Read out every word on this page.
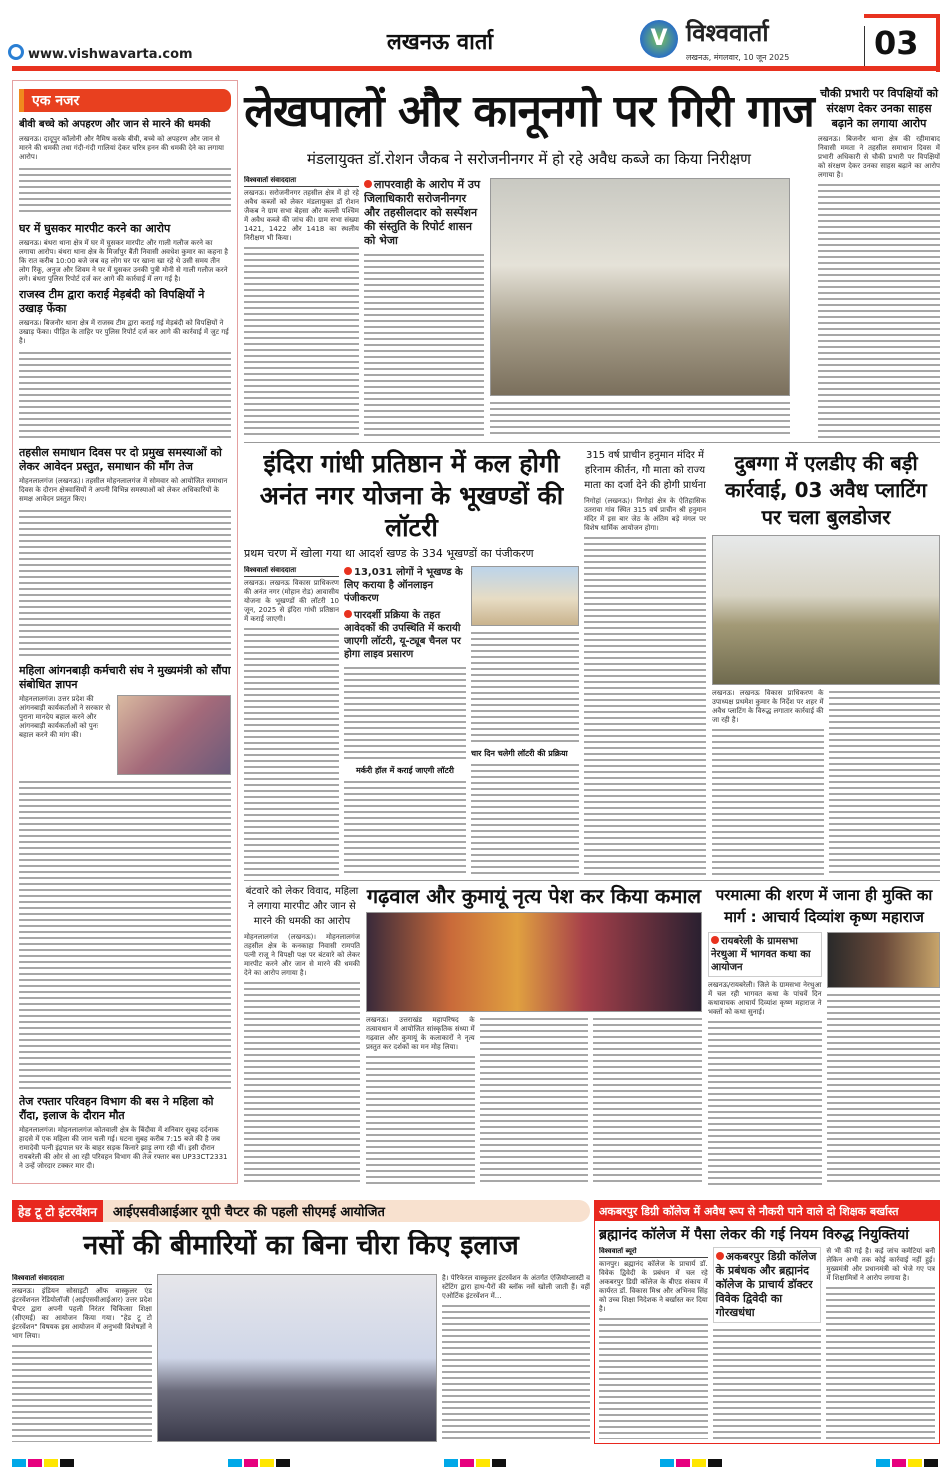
www.vishwavarta.com	लखनऊ वार्ता	V विश्ववार्ता
लखनऊ, मंगलवार, 10 जून 2025	03
एक नजर
बीवी बच्चे को अपहरण और जान से मारने की धमकी
लखनऊ। दादूपुर कॉलोनी और नैमिष कस्के बीवी, बच्चे को अपहरण और जान से मारने की धमकी तथा गंदी-गंदी गालियां देकर चरित्र हनन की धमकी देने का लगाया आरोप।
घर में घुसकर मारपीट करने का आरोप
लखनऊ। बंथरा थाना क्षेत्र में घर में घुसकर मारपीट और गाली गलौज करने का लगाया आरोप। बंथरा थाना क्षेत्र के मिर्जापुर बैंती निवासी अवधेश कुमार का कहना है कि रात करीब 10:00 बजे जब वह लोग घर पर खाना खा रहे थे उसी समय तीन लोग रिंकू, अनुज और शिवम ने घर में घुसकर उनकी पुत्री मोनी से गाली गलौज करने लगे। बंथरा पुलिस रिपोर्ट दर्ज कर आगे की कार्रवाई में लग गई है।
राजस्व टीम द्वारा कराई मेड़बंदी को विपक्षियों ने उखाड़ फेंका
लखनऊ। बिजनौर थाना क्षेत्र में राजस्व टीम द्वारा कराई गई मेड़बंदी को विपक्षियों ने उखाड़ फेंका। पीड़ित के ताहिर पर पुलिस रिपोर्ट दर्ज कर आगे की कार्रवाई में जुट गई है।
तहसील समाधान दिवस पर दो प्रमुख समस्याओं को लेकर आवेदन प्रस्तुत, समाधान की मॉंग तेज
मोहनलालगंज (लखनऊ)। तहसील मोहनलालगंज में सोमवार को आयोजित समाधान दिवस के दौरान क्षेत्रवासियों ने अपनी विभिन्न समस्याओं को लेकर अधिकारियों के समक्ष आवेदन प्रस्तुत किए।
महिला आंगनबाड़ी कर्मचारी संघ ने मुख्यमंत्री को सौंपा संबोधित ज्ञापन
मोहनलालगंज। उत्तर प्रदेश की आंगनबाड़ी कार्यकर्ताओं ने सरकार से पुराना मानदेय बहाल करने और आंगनबाड़ी कार्यकर्ताओं को पुनः बहाल करने की मांग की।
तेज रफ्तार परिवहन विभाग की बस ने महिला को रौंदा, इलाज के दौरान मौत
मोहनलालगंज। मोहनलालगंज कोतवाली क्षेत्र के बिंदौवा में शनिवार सुबह दर्दनाक हादसे में एक महिला की जान चली गई। घटना सुबह करीब 7:15 बजे की है जब रामादेवी पत्नी इंद्रपाल घर के बाहर सड़क किनारे झाड़ू लगा रही थीं। इसी दौरान रायबरेली की ओर से आ रही परिवहन विभाग की तेज रफ्तार बस UP33CT2331 ने उन्हें जोरदार टक्कर मार दी।
लेखपालों और कानूनगो पर गिरी गाज
मंडलायुक्त डॉ.रोशन जैकब ने सरोजनीनगर में हो रहे अवैध कब्जे का किया निरीक्षण
विश्ववार्ता संवाददाता
लखनऊ। सरोजनीनगर तहसील क्षेत्र में हो रहे अवैध कब्जों को लेकर मंडलायुक्त डॉ रोशन जैकब ने ग्राम सभा बेहसा और कल्ली पश्चिम में अवैध कब्जे की जांच की। ग्राम सभा संख्या 1421, 1422 और 1418 का स्थलीय निरीक्षण भी किया।
लापरवाही के आरोप में उप जिलाधिकारी सरोजनीनगर और तहसीलदार को सस्पेंशन की संस्तुति के रिपोर्ट शासन को भेजा
चौकी प्रभारी पर विपक्षियों को संरक्षण देकर उनका साहस बढ़ाने का लगाया आरोप
लखनऊ। बिजनौर थाना क्षेत्र की रहीमाबाद निवासी ममता ने तहसील समाधान दिवस में प्रभारी अधिकारी से चौकी प्रभारी पर विपक्षियों को संरक्षण देकर उनका साहस बढ़ाने का आरोप लगाया है।
इंदिरा गांधी प्रतिष्ठान में कल होगी अनंत नगर योजना के भूखण्डों की लॉटरी
प्रथम चरण में खोला गया था आदर्श खण्ड के 334 भूखण्डों का पंजीकरण
विश्ववार्ता संवाददाता
लखनऊ। लखनऊ विकास प्राधिकरण की अनंत नगर (मोहान रोड) आवासीय योजना के भूखण्डों की लॉटरी 10 जून, 2025 से इंदिरा गांधी प्रतिष्ठान में कराई जाएगी।
13,031 लोगों ने भूखण्ड के लिए कराया है ऑनलाइन पंजीकरण
पारदर्शी प्रक्रिया के तहत आवेदकों की उपस्थिति में करायी जाएगी लॉटरी, यू-ट्यूब चैनल पर होगा लाइव प्रसारण
मर्करी हॉल में कराई जाएगी लॉटरी
चार दिन चलेगी लॉटरी की प्रक्रिया
315 वर्ष प्राचीन हनुमान मंदिर में हरिनाम कीर्तन, गौ माता को राज्य माता का दर्जा देने की होगी प्रार्थना
निगोहां (लखनऊ)। निगोहां क्षेत्र के ऐतिहासिक उतरावा गांव स्थित 315 वर्ष प्राचीन श्री हनुमान मंदिर में इस बार जेठ के अंतिम बड़े मंगल पर विशेष धार्मिक आयोजन होगा।
दुबग्गा में एलडीए की बड़ी कार्रवाई, 03 अवैध प्लाटिंग पर चला बुलडोजर
लखनऊ। लखनऊ विकास प्राधिकरण के उपाध्यक्ष प्रथमेश कुमार के निर्देश पर शहर में अवैध प्लाटिंग के विरुद्ध लगातार कार्रवाई की जा रही है।
बंटवारे को लेकर विवाद, महिला ने लगाया मारपीट और जान से मारने की धमकी का आरोप
मोहनलालगंज (लखनऊ)। मोहनलालगंज तहसील क्षेत्र के कनकाहा निवासी रामपति पत्नी राजू ने विपक्षी पक्ष पर बंटवारे को लेकर मारपीट करने और जान से मारने की धमकी देने का आरोप लगाया है।
गढ़वाल और कुमायूं नृत्य पेश कर किया कमाल
लखनऊ। उत्तराखंड महापरिषद के तत्वावधान में आयोजित सांस्कृतिक संध्या में गढ़वाल और कुमायूं के कलाकारों ने नृत्य प्रस्तुत कर दर्शकों का मन मोह लिया।
परमात्मा की शरण में जाना ही मुक्ति का मार्ग : आचार्य दिव्यांश कृष्ण महाराज
रायबरेली के ग्रामसभा नेरथुआ में भागवत कथा का आयोजन
लखनऊ/रायबरेली। जिले के ग्रामसभा नेरथुआ में चल रही भागवत कथा के पांचवें दिन कथावाचक आचार्य दिव्यांश कृष्ण महाराज ने भक्तों को कथा सुनाई।
हेड टू टो इंटरवेंशन	आईएसवीआईआर यूपी चैप्टर की पहली सीएमई आयोजित
नसों की बीमारियों का बिना चीरा किए इलाज
विश्ववार्ता संवाददाता
लखनऊ। इंडियन सोसाइटी ऑफ वास्कुलर एंड इंटरवेंशनल रेडियोलॉजी (आईएसवीआईआर) उत्तर प्रदेश चैप्टर द्वारा अपनी पहली निरंतर चिकित्सा शिक्षा (सीएमई) का आयोजन किया गया। "हेड टू टो इंटरवेंशन" विषयक इस आयोजन में अनुभवी विशेषज्ञों ने भाग लिया।
है। पेरिफेरल वास्कुलर इंटरवेंशन के अंतर्गत एंजियोप्लास्टी व स्टेंटिंग द्वारा हाथ-पैरों की ब्लॉक नसें खोली जाती हैं। वहीं एओर्टिक इंटरवेंशन में...
अकबरपुर डिग्री कॉलेज में अवैध रूप से नौकरी पाने वाले दो शिक्षक बर्खास्त
ब्रह्मानंद कॉलेज में पैसा लेकर की गई नियम विरुद्ध नियुक्तियां
विश्ववार्ता ब्यूरो
कानपुर। ब्रह्मानंद कॉलेज के प्राचार्य डॉ. विवेक द्विवेदी के प्रबंधन में चल रहे अकबरपुर डिग्री कॉलेज के बीएड संकाय में कार्यरत डॉ. विकास मिश्र और अभिनव सिंह को उच्च शिक्षा निदेशक ने बर्खास्त कर दिया है।
अकबरपुर डिग्री कॉलेज के प्रबंधक और ब्रह्मानंद कॉलेज के प्राचार्य डॉक्टर विवेक द्विवेदी का गोरखधंधा
से भी की गई है। कई जांच कमेटियां बनी लेकिन अभी तक कोई कार्रवाई नहीं हुई। मुख्यमंत्री और प्रधानमंत्री को भेजे गए पत्र में शिक्षामित्रों ने आरोप लगाया है।
